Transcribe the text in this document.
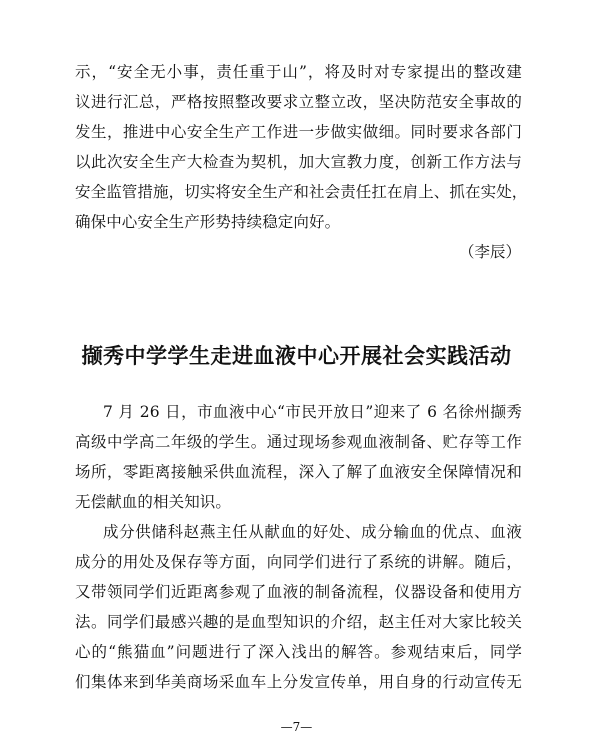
示，“安全无小事，责任重于山”，将及时对专家提出的整改建
议进行汇总，严格按照整改要求立整立改，坚决防范安全事故的
发生，推进中心安全生产工作进一步做实做细。同时要求各部门
以此次安全生产大检查为契机，加大宣教力度，创新工作方法与
安全监管措施，切实将安全生产和社会责任扛在肩上、抓在实处，
确保中心安全生产形势持续稳定向好。
（李辰）
撷秀中学学生走进血液中心开展社会实践活动
7 月 26 日，市血液中心“市民开放日”迎来了 6 名徐州撷秀
高级中学高二年级的学生。通过现场参观血液制备、贮存等工作
场所，零距离接触采供血流程，深入了解了血液安全保障情况和
无偿献血的相关知识。
成分供储科赵燕主任从献血的好处、成分输血的优点、血液
成分的用处及保存等方面，向同学们进行了系统的讲解。随后，
又带领同学们近距离参观了血液的制备流程，仪器设备和使用方
法。同学们最感兴趣的是血型知识的介绍，赵主任对大家比较关
心的“熊猫血”问题进行了深入浅出的解答。参观结束后，同学
们集体来到华美商场采血车上分发宣传单，用自身的行动宣传无
—7—
